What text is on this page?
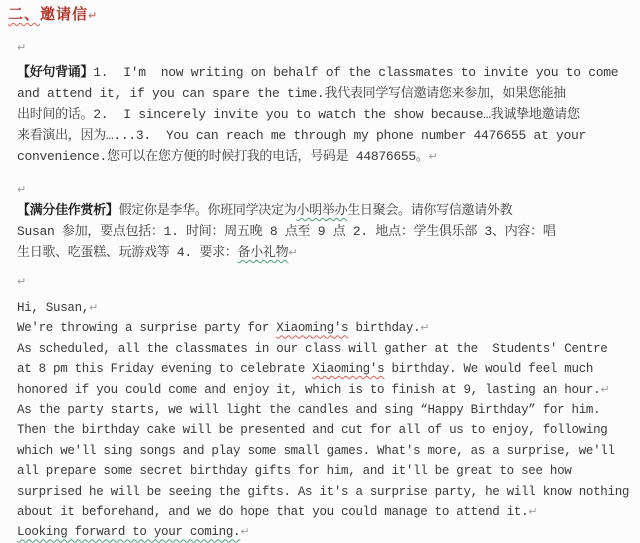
二、邀请信↵
↵
【好句背诵】1.  I'm  now writing on behalf of the classmates to invite you to come
and attend it, if you can spare the time.我代表同学写信邀请您来参加，如果您能抽
出时间的话。2.  I sincerely invite you to watch the show because…我诚挚地邀请您
来看演出，因为…...3.  You can reach me through my phone number 4476655 at your
convenience.您可以在您方便的时候打我的电话，号码是 44876655。↵
↵
【满分佳作赏析】假定你是李华。你班同学决定为小明举办生日聚会。请你写信邀请外教
Susan 参加，要点包括：1. 时间：周五晚 8 点至 9 点 2. 地点：学生俱乐部 3、内容：唱
生日歌、吃蛋糕、玩游戏等 4. 要求：备小礼物↵
↵
Hi, Susan,↵
We're throwing a surprise party for Xiaoming's birthday.↵
As scheduled, all the classmates in our class will gather at the  Students' Centre
at 8 pm this Friday evening to celebrate Xiaoming's birthday. We would feel much
honored if you could come and enjoy it, which is to finish at 9, lasting an hour.↵
As the party starts, we will light the candles and sing “Happy Birthday” for him.
Then the birthday cake will be presented and cut for all of us to enjoy, following
which we'll sing songs and play some small games. What's more, as a surprise, we'll
all prepare some secret birthday gifts for him, and it'll be great to see how
surprised he will be seeing the gifts. As it's a surprise party, he will know nothing
about it beforehand, and we do hope that you could manage to attend it.↵
Looking forward to your coming.↵
